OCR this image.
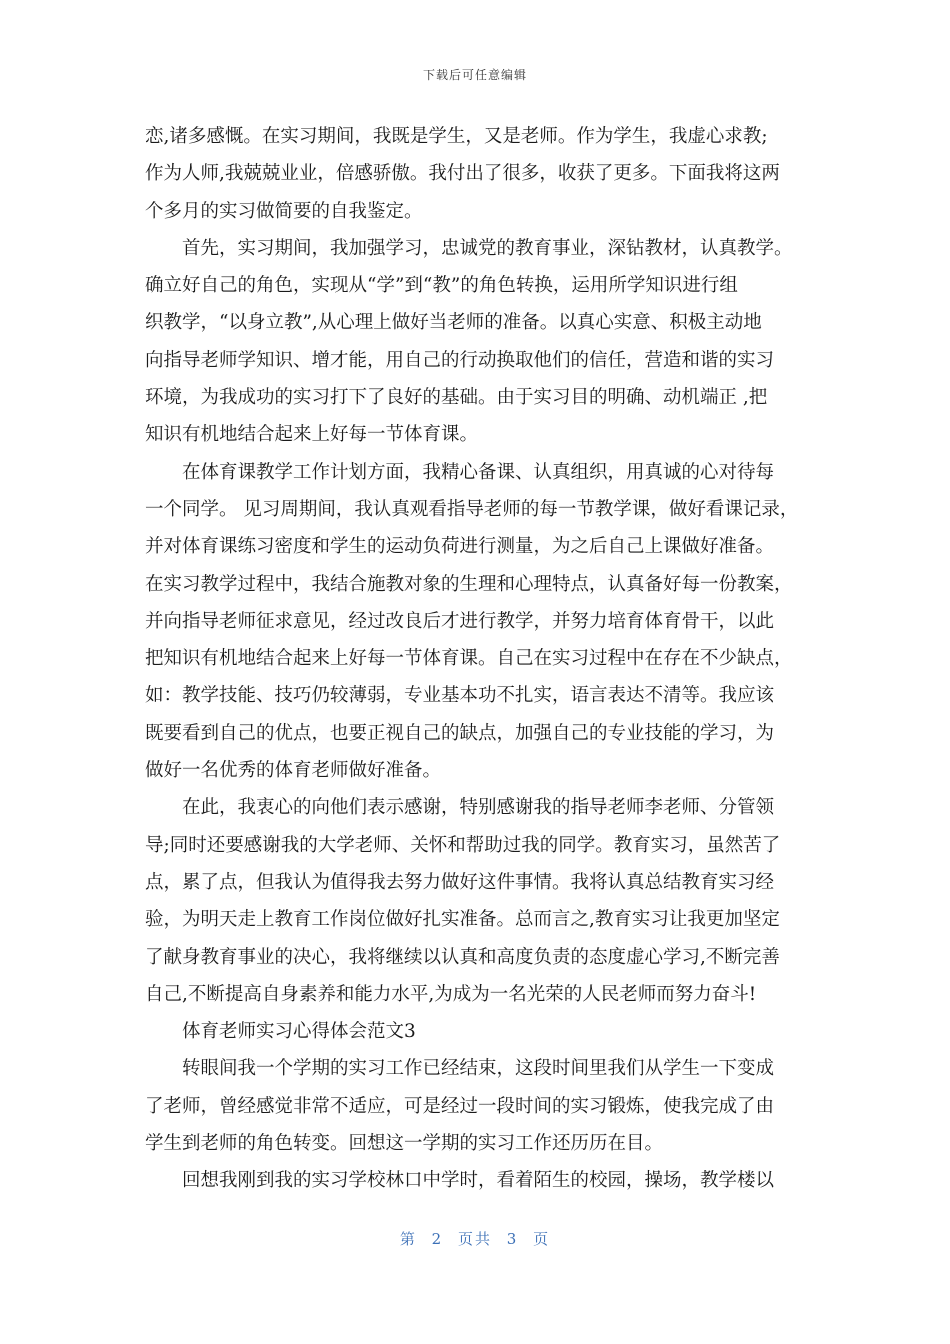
下载后可任意编辑
恋,诸多感慨。在实习期间，我既是学生，又是老师。作为学生，我虚心求教;
作为人师,我兢兢业业，倍感骄傲。我付出了很多，收获了更多。下面我将这两
个多月的实习做简要的自我鉴定。
首先，实习期间，我加强学习，忠诚党的教育事业，深钻教材，认真教学。
确立好自己的角色，实现从“学”到“教”的角色转换，运用所学知识进行组
织教学，“以身立教”,从心理上做好当老师的准备。以真心实意、积极主动地
向指导老师学知识、增才能，用自己的行动换取他们的信任，营造和谐的实习
环境，为我成功的实习打下了良好的基础。由于实习目的明确、动机端正 ,把
知识有机地结合起来上好每一节体育课。
在体育课教学工作计划方面，我精心备课、认真组织，用真诚的心对待每
一个同学。 见习周期间，我认真观看指导老师的每一节教学课，做好看课记录，
并对体育课练习密度和学生的运动负荷进行测量，为之后自己上课做好准备。
在实习教学过程中，我结合施教对象的生理和心理特点，认真备好每一份教案，
并向指导老师征求意见，经过改良后才进行教学，并努力培育体育骨干，以此
把知识有机地结合起来上好每一节体育课。自己在实习过程中在存在不少缺点，
如：教学技能、技巧仍较薄弱，专业基本功不扎实，语言表达不清等。我应该
既要看到自己的优点，也要正视自己的缺点，加强自己的专业技能的学习，为
做好一名优秀的体育老师做好准备。
在此，我衷心的向他们表示感谢，特别感谢我的指导老师李老师、分管领
导;同时还要感谢我的大学老师、关怀和帮助过我的同学。教育实习，虽然苦了
点，累了点，但我认为值得我去努力做好这件事情。我将认真总结教育实习经
验，为明天走上教育工作岗位做好扎实准备。总而言之,教育实习让我更加坚定
了献身教育事业的决心，我将继续以认真和高度负责的态度虚心学习,不断完善
自己,不断提高自身素养和能力水平,为成为一名光荣的人民老师而努力奋斗!
体育老师实习心得体会范文3
转眼间我一个学期的实习工作已经结束，这段时间里我们从学生一下变成
了老师，曾经感觉非常不适应，可是经过一段时间的实习锻炼，使我完成了由
学生到老师的角色转变。回想这一学期的实习工作还历历在目。
回想我刚到我的实习学校林口中学时，看着陌生的校园，操场，教学楼以
第 2 页共 3 页
